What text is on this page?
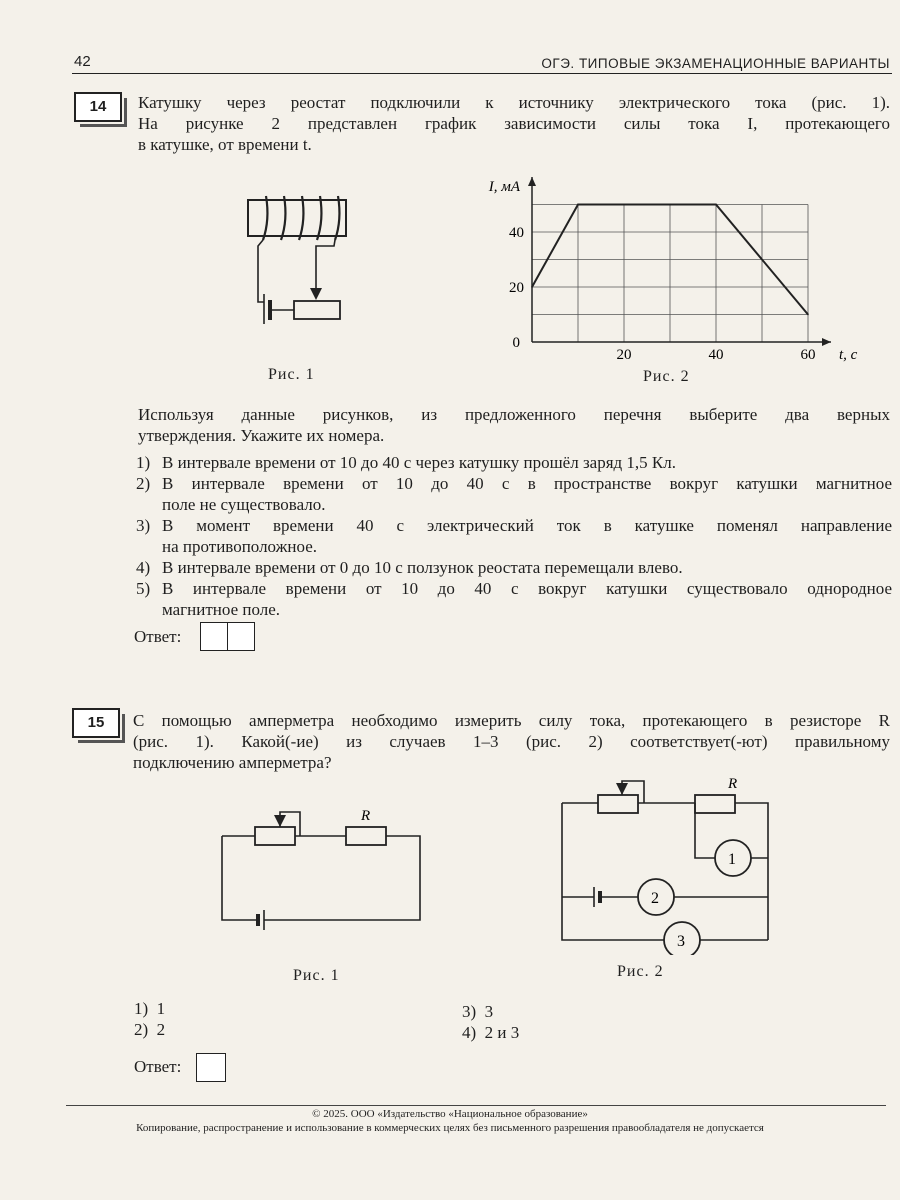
42	ОГЭ. ТИПОВЫЕ ЭКЗАМЕНАЦИОННЫЕ ВАРИАНТЫ
14	Катушку через реостат подключили к источнику электрического тока (рис. 1).
На рисунке 2 представлен график зависимости силы тока I, протекающего
в катушке, от времени t.
Рис. 1
20	40	60
20
40
0
I, мА
t, с
Рис. 2
Используя данные рисунков, из предложенного перечня выберите два верных
утверждения. Укажите их номера.
1) В интервале времени от 10 до 40 с через катушку прошёл заряд 1,5 Кл.
2) В интервале времени от 10 до 40 с в пространстве вокруг катушки магнитное
поле не существовало.
3) В момент времени 40 с электрический ток в катушке поменял направление
на противоположное.
4) В интервале времени от 0 до 10 с ползунок реостата перемещали влево.
5) В интервале времени от 10 до 40 с вокруг катушки существовало однородное
магнитное поле.
Ответ:
15	С помощью амперметра необходимо измерить силу тока, протекающего в резисторе R
(рис. 1). Какой(-ие) из случаев 1–3 (рис. 2) соответствует(-ют) правильному
подключению амперметра?
R
Рис. 1
R
1
2
3
Рис. 2
1) 1
2) 2
3) 3
4) 2 и 3
Ответ:
© 2025. ООО «Издательство «Национальное образование»
Копирование, распространение и использование в коммерческих целях без письменного разрешения правообладателя не допускается
